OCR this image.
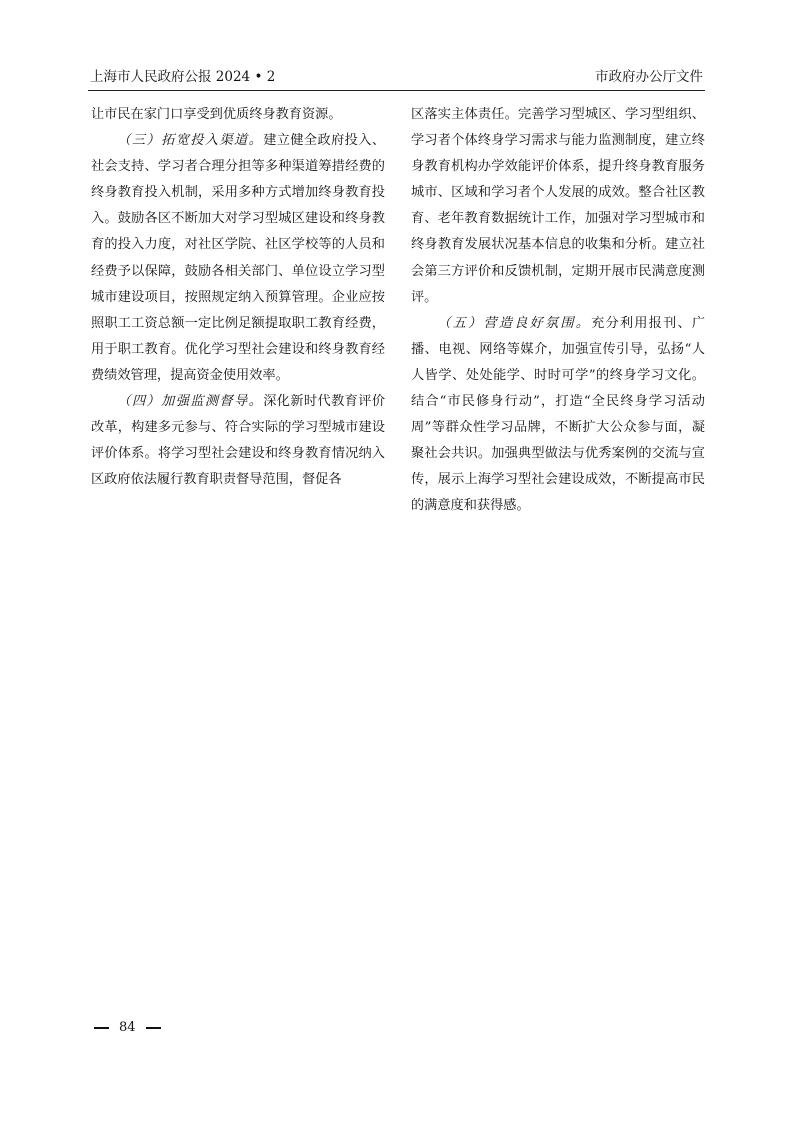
上海市人民政府公报 2024 • 2	市政府办公厅文件

让市民在家门口享受到优质终身教育资源。

（三）拓宽投入渠道。建立健全政府投入、社会支持、学习者合理分担等多种渠道筹措经费的终身教育投入机制，采用多种方式增加终身教育投入。鼓励各区不断加大对学习型城区建设和终身教育的投入力度，对社区学院、社区学校等的人员和经费予以保障，鼓励各相关部门、单位设立学习型城市建设项目，按照规定纳入预算管理。企业应按照职工工资总额一定比例足额提取职工教育经费，用于职工教育。优化学习型社会建设和终身教育经费绩效管理，提高资金使用效率。

（四）加强监测督导。深化新时代教育评价改革，构建多元参与、符合实际的学习型城市建设评价体系。将学习型社会建设和终身教育情况纳入区政府依法履行教育职责督导范围，督促各

区落实主体责任。完善学习型城区、学习型组织、学习者个体终身学习需求与能力监测制度，建立终身教育机构办学效能评价体系，提升终身教育服务城市、区域和学习者个人发展的成效。整合社区教育、老年教育数据统计工作，加强对学习型城市和终身教育发展状况基本信息的收集和分析。建立社会第三方评价和反馈机制，定期开展市民满意度测评。

（五）营造良好氛围。充分利用报刊、广播、电视、网络等媒介，加强宣传引导，弘扬“人人皆学、处处能学、时时可学”的终身学习文化。结合“市民修身行动”，打造“全民终身学习活动周”等群众性学习品牌，不断扩大公众参与面，凝聚社会共识。加强典型做法与优秀案例的交流与宣传，展示上海学习型社会建设成效，不断提高市民的满意度和获得感。

84
